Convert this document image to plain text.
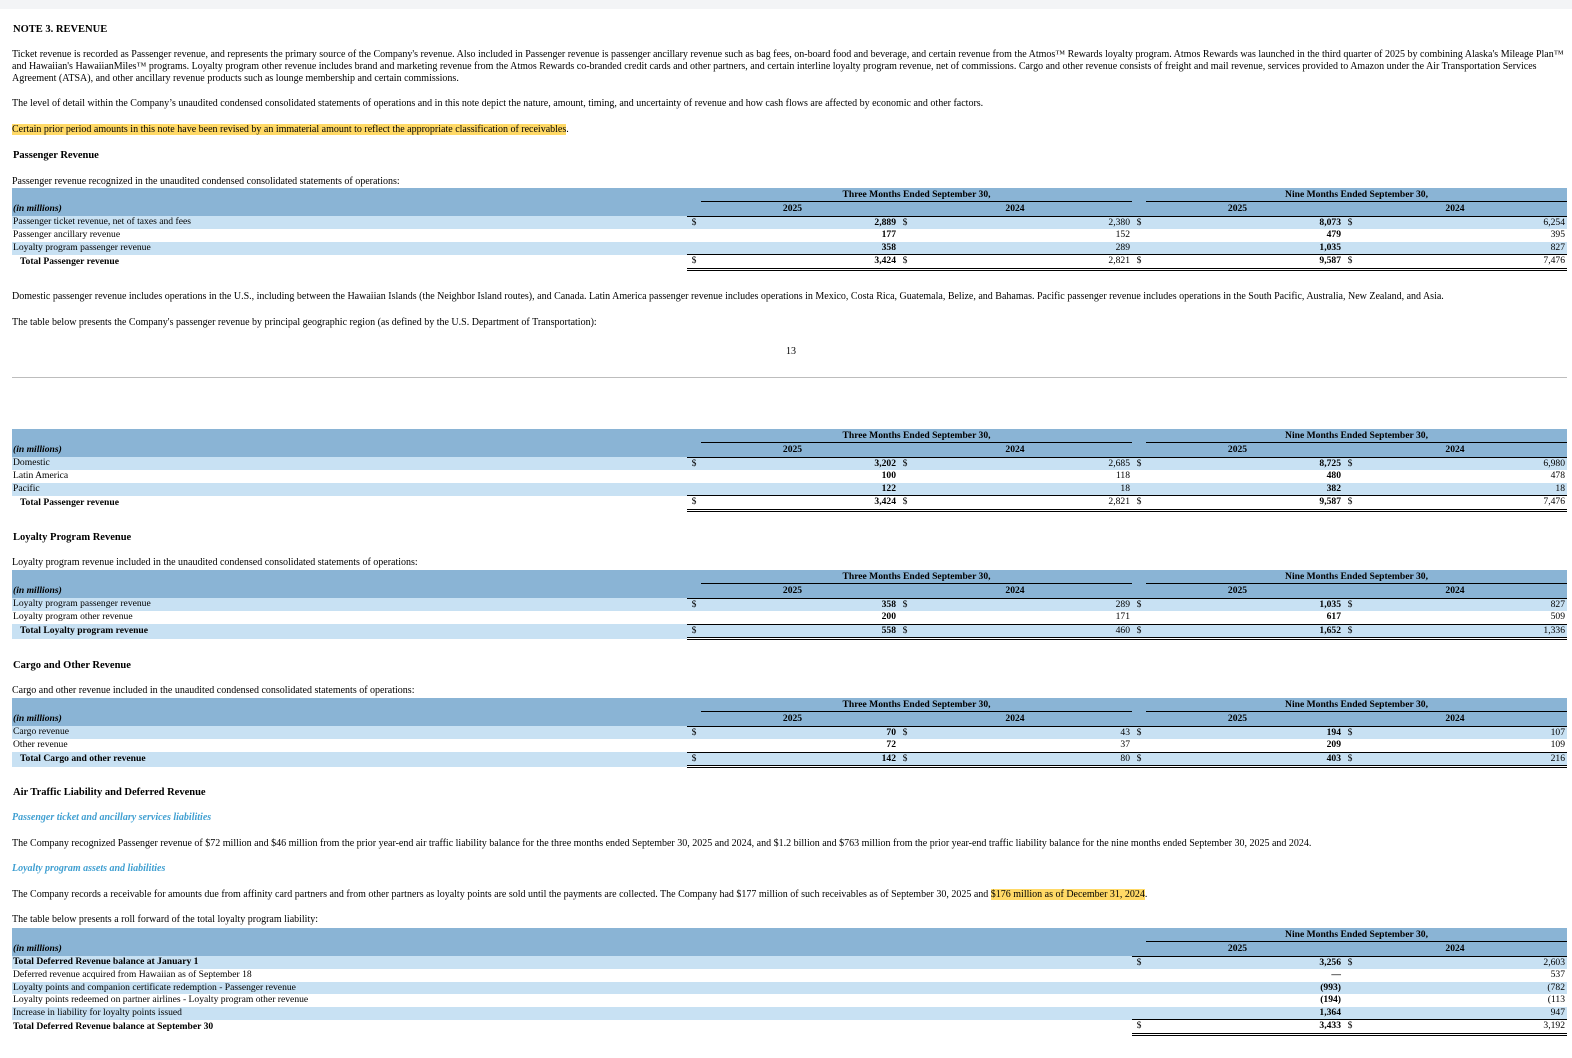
NOTE 3. REVENUE
Ticket revenue is recorded as Passenger revenue, and represents the primary source of the Company's revenue. Also included in Passenger revenue is passenger ancillary revenue such as bag fees, on-board food and beverage, and certain revenue from the Atmos™ Rewards loyalty program. Atmos Rewards was launched in the third quarter of 2025 by combining Alaska's Mileage Plan™ and Hawaiian's HawaiianMiles™ programs. Loyalty program other revenue includes brand and marketing revenue from the Atmos Rewards co-branded credit cards and other partners, and certain interline loyalty program revenue, net of commissions. Cargo and other revenue consists of freight and mail revenue, services provided to Amazon under the Air Transportation Services Agreement (ATSA), and other ancillary revenue products such as lounge membership and certain commissions.
The level of detail within the Company’s unaudited condensed consolidated statements of operations and in this note depict the nature, amount, timing, and uncertainty of revenue and how cash flows are affected by economic and other factors.
Certain prior period amounts in this note have been revised by an immaterial amount to reflect the appropriate classification of receivables.
Passenger Revenue
Passenger revenue recognized in the unaudited condensed consolidated statements of operations:
		Three Months Ended September 30,				Nine Months Ended September 30,		
(in millions)	2025		2024		2025		2024	
Passenger ticket revenue, net of taxes and fees	$	2,889	$	2,380	$	8,073	$	6,254
Passenger ancillary revenue		177		152		479		395
Loyalty program passenger revenue		358		289		1,035		827
Total Passenger revenue	$	3,424	$	2,821	$	9,587	$	7,476
Domestic passenger revenue includes operations in the U.S., including between the Hawaiian Islands (the Neighbor Island routes), and Canada. Latin America passenger revenue includes operations in Mexico, Costa Rica, Guatemala, Belize, and Bahamas. Pacific passenger revenue includes operations in the South Pacific, Australia, New Zealand, and Asia.
The table below presents the Company's passenger revenue by principal geographic region (as defined by the U.S. Department of Transportation):
13
		Three Months Ended September 30,				Nine Months Ended September 30,		
(in millions)	2025		2024		2025		2024	
Domestic	$	3,202	$	2,685	$	8,725	$	6,980
Latin America		100		118		480		478
Pacific		122		18		382		18
Total Passenger revenue	$	3,424	$	2,821	$	9,587	$	7,476
Loyalty Program Revenue
Loyalty program revenue included in the unaudited condensed consolidated statements of operations:
		Three Months Ended September 30,				Nine Months Ended September 30,		
(in millions)	2025		2024		2025		2024	
Loyalty program passenger revenue	$	358	$	289	$	1,035	$	827
Loyalty program other revenue		200		171		617		509
Total Loyalty program revenue	$	558	$	460	$	1,652	$	1,336
Cargo and Other Revenue
Cargo and other revenue included in the unaudited condensed consolidated statements of operations:
		Three Months Ended September 30,				Nine Months Ended September 30,		
(in millions)	2025		2024		2025		2024	
Cargo revenue	$	70	$	43	$	194	$	107
Other revenue		72		37		209		109
Total Cargo and other revenue	$	142	$	80	$	403	$	216
Air Traffic Liability and Deferred Revenue
Passenger ticket and ancillary services liabilities
The Company recognized Passenger revenue of $72 million and $46 million from the prior year-end air traffic liability balance for the three months ended September 30, 2025 and 2024, and $1.2 billion and $763 million from the prior year-end traffic liability balance for the nine months ended September 30, 2025 and 2024.
Loyalty program assets and liabilities
The Company records a receivable for amounts due from affinity card partners and from other partners as loyalty points are sold until the payments are collected. The Company had $177 million of such receivables as of September 30, 2025 and $176 million as of December 31, 2024.
The table below presents a roll forward of the total loyalty program liability:
						Nine Months Ended September 30,		
(in millions)					2025		2024	
Total Deferred Revenue balance at January 1					$	3,256	$	2,603
Deferred revenue acquired from Hawaiian as of September 18						—		537
Loyalty points and companion certificate redemption - Passenger revenue						(993)		(782
Loyalty points redeemed on partner airlines - Loyalty program other revenue						(194)		(113
Increase in liability for loyalty points issued						1,364		947
Total Deferred Revenue balance at September 30					$	3,433	$	3,192
